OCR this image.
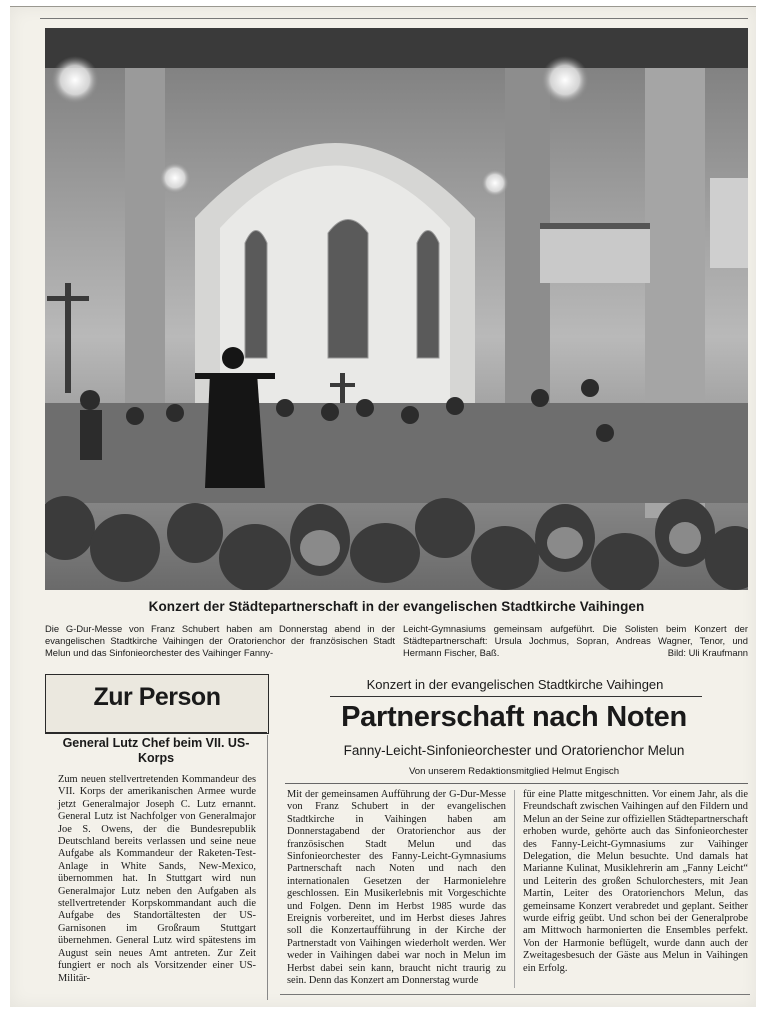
Konzert der Städtepartnerschaft in der evangelischen Stadtkirche Vaihingen
Die G-Dur-Messe von Franz Schubert haben am Donnerstag abend in der evangelischen Stadtkirche Vaihingen der Oratorienchor der französischen Stadt Melun und das Sinfonieorchester des Vaihinger Fanny-
Leicht-Gymnasiums gemeinsam aufgeführt. Die Solisten beim Konzert der Städtepartnerschaft: Ursula Jochmus, Sopran, Andreas Wagner, Tenor, und Hermann Fischer, Baß.	Bild: Uli Kraufmann
Zur Person
General Lutz Chef beim VII. US-Korps
Zum neuen stellvertretenden Kommandeur des VII. Korps der amerikanischen Armee wurde jetzt Generalmajor Joseph C. Lutz ernannt. General Lutz ist Nachfolger von Generalmajor Joe S. Owens, der die Bundesrepublik Deutschland bereits verlassen und seine neue Aufgabe als Kommandeur der Raketen-Test-Anlage in White Sands, New-Mexico, übernommen hat. In Stuttgart wird nun Generalmajor Lutz neben den Aufgaben als stellvertretender Korpskommandant auch die Aufgabe des Standortältesten der US-Garnisonen im Großraum Stuttgart übernehmen. General Lutz wird spätestens im August sein neues Amt antreten. Zur Zeit fungiert er noch als Vorsitzender einer US-Militär-
Konzert in der evangelischen Stadtkirche Vaihingen
Partnerschaft nach Noten
Fanny-Leicht-Sinfonieorchester und Oratorienchor Melun
Von unserem Redaktionsmitglied Helmut Engisch
Mit der gemeinsamen Aufführung der G-Dur-Messe von Franz Schubert in der evangelischen Stadtkirche in Vaihingen haben am Donnerstagabend der Oratorienchor aus der französischen Stadt Melun und das Sinfonieorchester des Fanny-Leicht-Gymnasiums Partnerschaft nach Noten und nach den internationalen Gesetzen der Harmonielehre geschlossen. Ein Musikerlebnis mit Vorgeschichte und Folgen. Denn im Herbst 1985 wurde das Ereignis vorbereitet, und im Herbst dieses Jahres soll die Konzertaufführung in der Kirche der Partnerstadt von Vaihingen wiederholt werden. Wer weder in Vaihingen dabei war noch in Melun im Herbst dabei sein kann, braucht nicht traurig zu sein. Denn das Konzert am Donnerstag wurde
für eine Platte mitgeschnitten. Vor einem Jahr, als die Freundschaft zwischen Vaihingen auf den Fildern und Melun an der Seine zur offiziellen Städtepartnerschaft erhoben wurde, gehörte auch das Sinfonieorchester des Fanny-Leicht-Gymnasiums zur Vaihinger Delegation, die Melun besuchte. Und damals hat Marianne Kulinat, Musiklehrerin am „Fanny Leicht“ und Leiterin des großen Schulorchesters, mit Jean Martin, Leiter des Oratorienchors Melun, das gemeinsame Konzert verabredet und geplant. Seither wurde eifrig geübt. Und schon bei der Generalprobe am Mittwoch harmonierten die Ensembles perfekt. Von der Harmonie beflügelt, wurde dann auch der Zweitagesbesuch der Gäste aus Melun in Vaihingen ein Erfolg.
